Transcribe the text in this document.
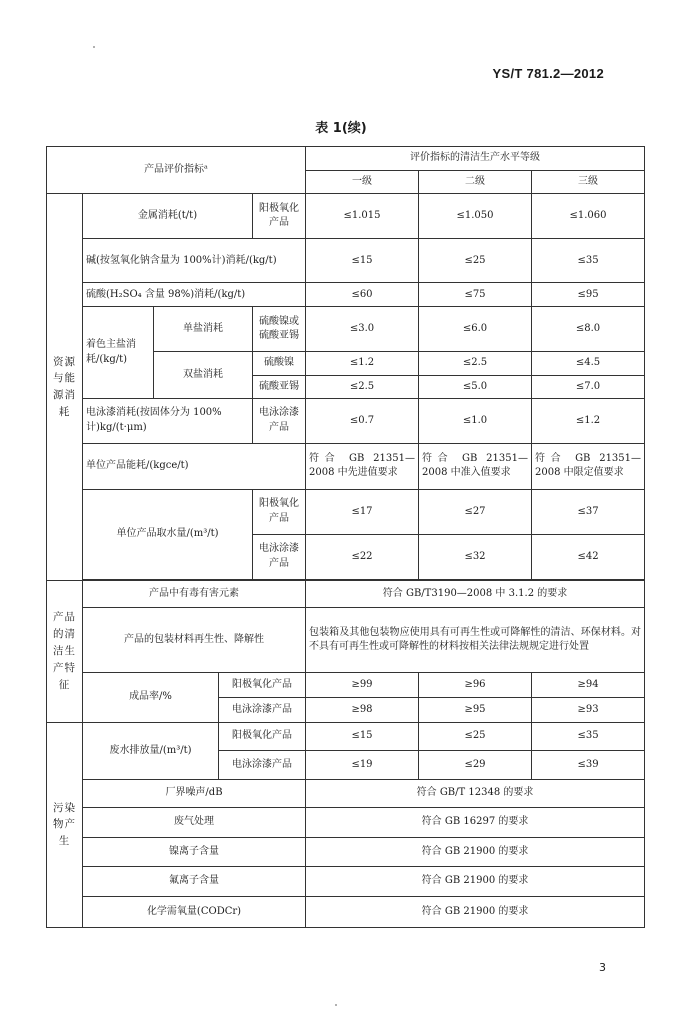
YS/T 781.2—2012
表 1(续)
产品评价指标ᵃ					评价指标的清洁生产水平等级		
					一级	二级	三级
资源与能源消耗	金属消耗(t/t)			阳极氧化产品	≤1.015	≤1.050	≤1.060
	碱(按氢氧化钠含量为 100%计)消耗/(kg/t)				≤15	≤25	≤35
	硫酸(H₂SO₄ 含量 98%)消耗/(kg/t)				≤60	≤75	≤95
	着色主盐消耗/(kg/t)	单盐消耗		硫酸镍或硫酸亚锡	≤3.0	≤6.0	≤8.0
		双盐消耗		硫酸镍	≤1.2	≤2.5	≤4.5
				硫酸亚锡	≤2.5	≤5.0	≤7.0
	电泳漆消耗(按固体分为 100%计)kg/(t·μm)			电泳涂漆产品	≤0.7	≤1.0	≤1.2
	单位产品能耗/(kgce/t)				符合 GB 21351—2008 中先进值要求	符合 GB 21351—2008 中准入值要求	符合 GB 21351—2008 中限定值要求
	单位产品取水量/(m³/t)			阳极氧化产品	≤17	≤27	≤37
				电泳涂漆产品	≤22	≤32	≤42

产品的清洁生产特征	产品中有毒有害元素				符合 GB/T3190—2008 中 3.1.2 的要求		
	产品的包装材料再生性、降解性				包装箱及其他包装物应使用具有可再生性或可降解性的清洁、环保材料。对不具有可再生性或可降解性的材料按相关法律法规规定进行处置		
	成品率/%		阳极氧化产品		≥99	≥96	≥94
			电泳涂漆产品		≥98	≥95	≥93
污染物产生	废水排放量/(m³/t)		阳极氧化产品		≤15	≤25	≤35
			电泳涂漆产品		≤19	≤29	≤39
	厂界噪声/dB				符合 GB/T 12348 的要求		
	废气处理				符合 GB 16297 的要求		
	镍离子含量				符合 GB 21900 的要求		
	氟离子含量				符合 GB 21900 的要求		
	化学需氧量(CODCr)				符合 GB 21900 的要求		
3
